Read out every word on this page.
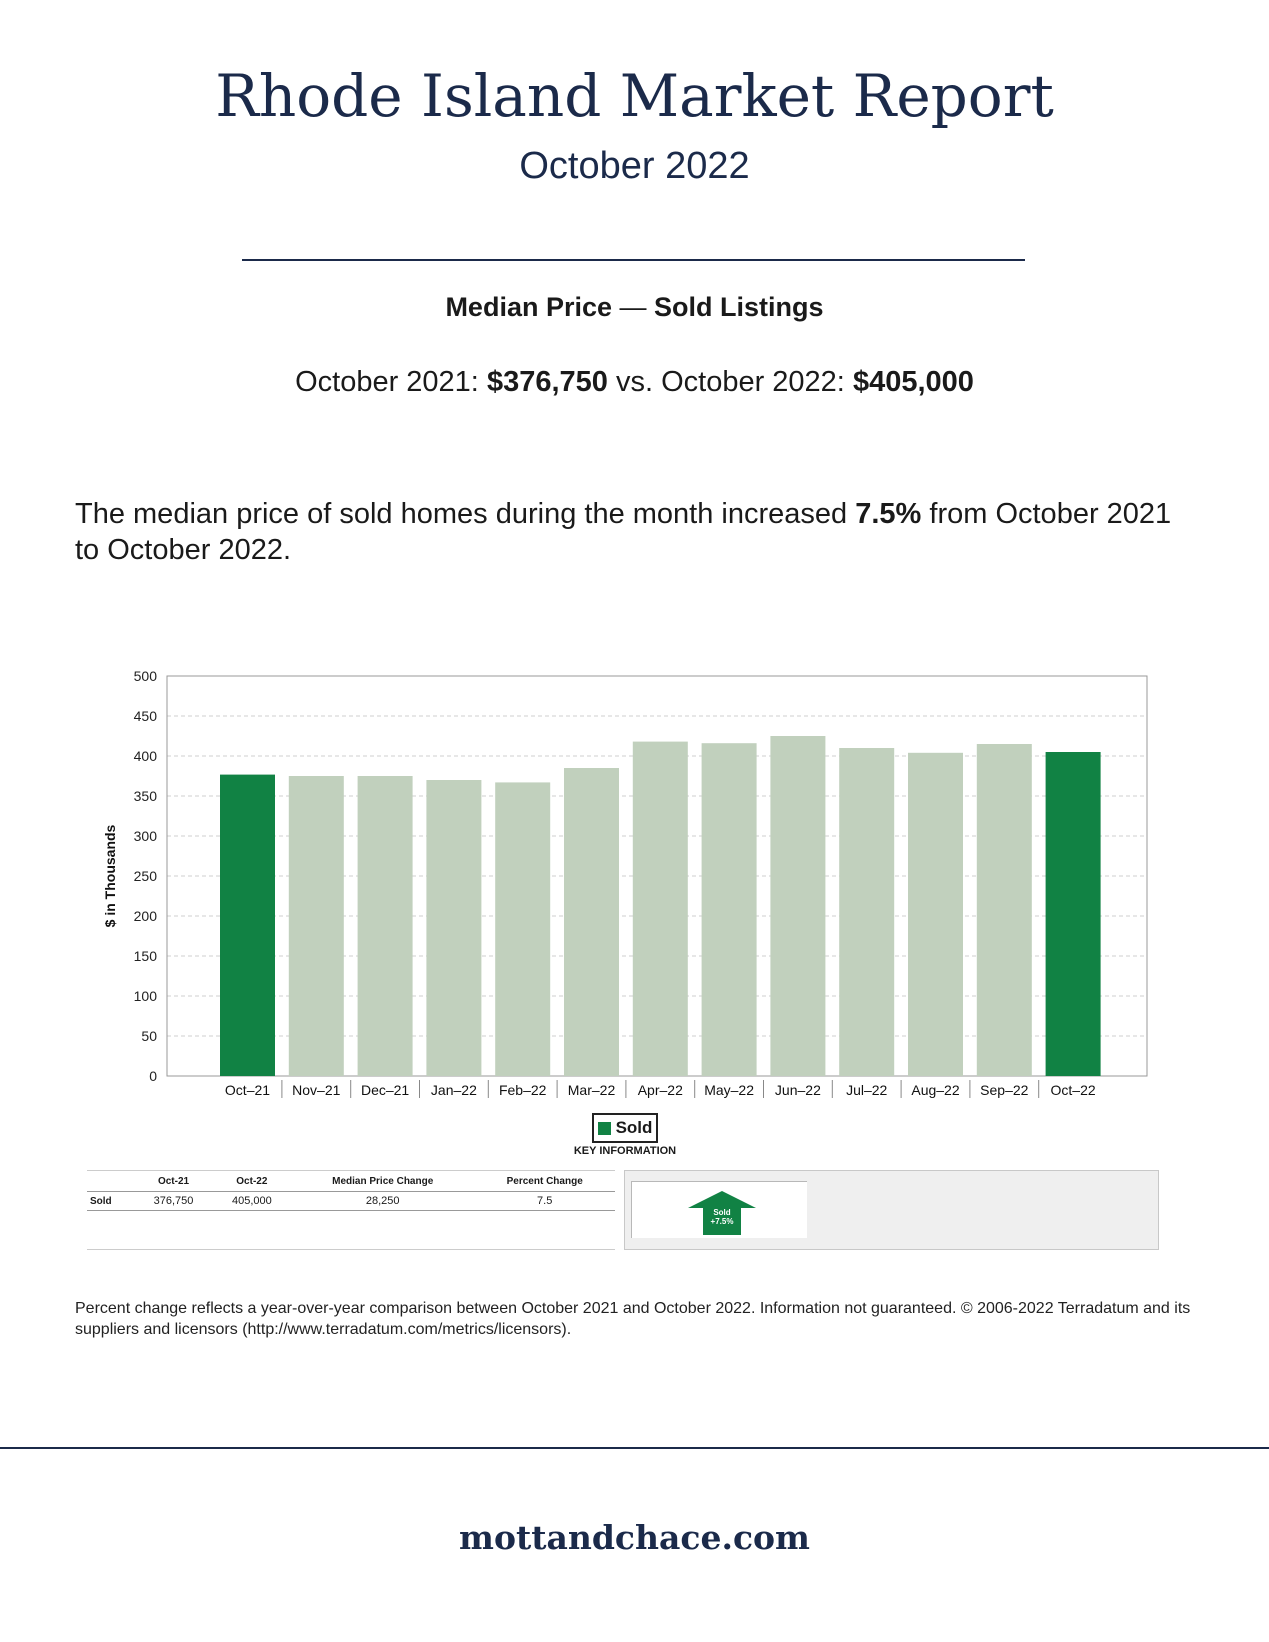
Rhode Island Market Report
October 2022
Median Price — Sold Listings
October 2021: $376,750 vs. October 2022: $405,000
The median price of sold homes during the month increased 7.5% from October 2021 to October 2022.
0
50
100
150
200
250
300
350
400
450
500
$ in Thousands
Oct–21 Nov–21 Dec–21 Jan–22 Feb–22 Mar–22 Apr–22 May–22 Jun–22 Jul–22 Aug–22 Sep–22 Oct–22
Sold
KEY INFORMATION
	Oct-21	Oct-22	Median Price Change	Percent Change
Sold	376,750	405,000	28,250	7.5

Sold
+7.5%
Percent change reflects a year-over-year comparison between October 2021 and October 2022. Information not guaranteed. © 2006-2022 Terradatum and its suppliers and licensors (http://www.terradatum.com/metrics/licensors).
mottandchace.com
